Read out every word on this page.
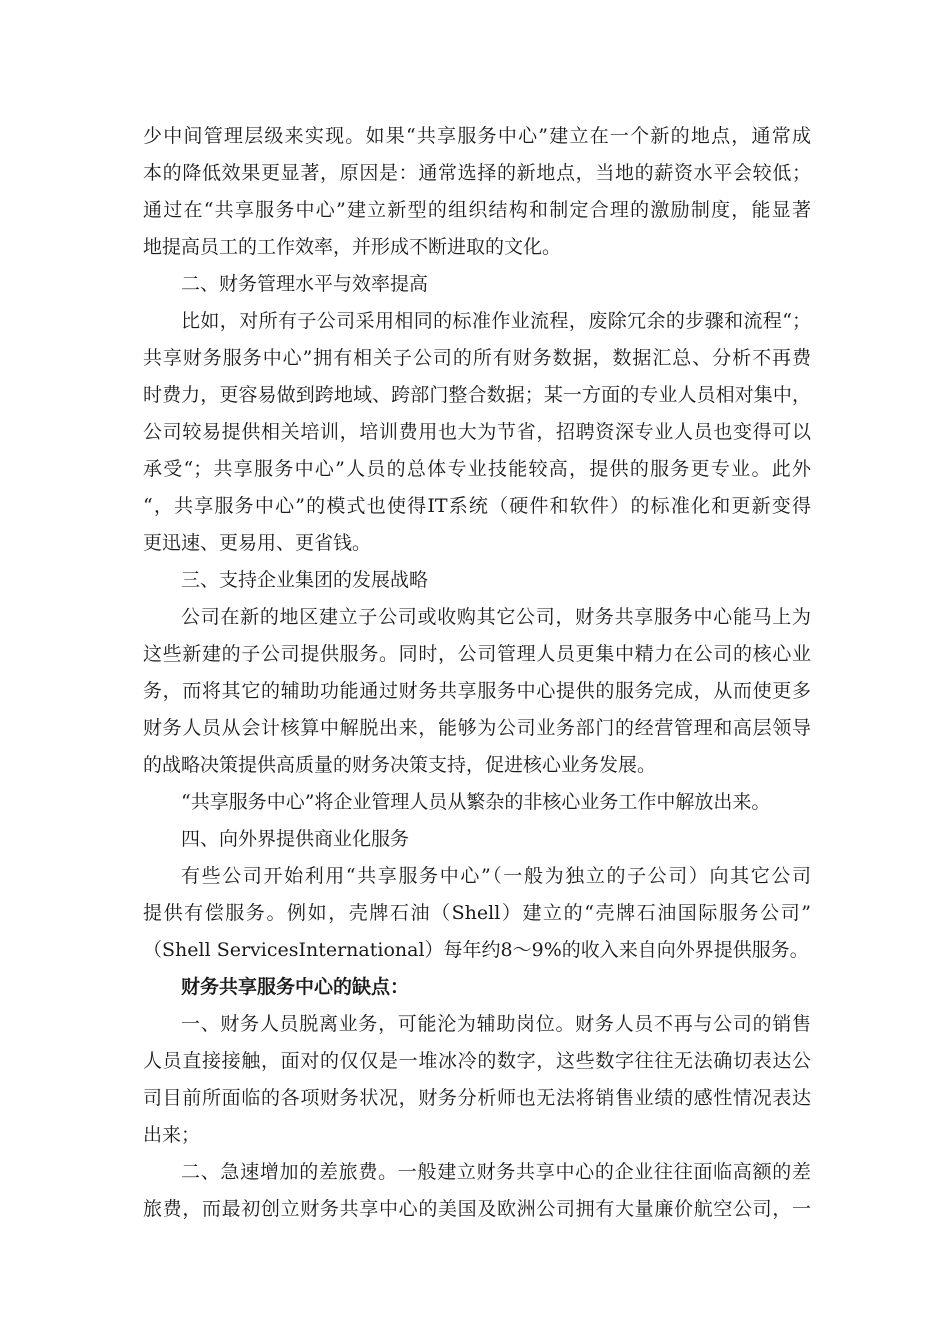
少中间管理层级来实现。如果“共享服务中心”建立在一个新的地点，通常成
本的降低效果更显著，原因是：通常选择的新地点，当地的薪资水平会较低；
通过在“共享服务中心”建立新型的组织结构和制定合理的激励制度，能显著
地提高员工的工作效率，并形成不断进取的文化。
二、财务管理水平与效率提高
比如，对所有子公司采用相同的标准作业流程，废除冗余的步骤和流程“；
共享财务服务中心”拥有相关子公司的所有财务数据，数据汇总、分析不再费
时费力，更容易做到跨地域、跨部门整合数据；某一方面的专业人员相对集中，
公司较易提供相关培训，培训费用也大为节省，招聘资深专业人员也变得可以
承受“；共享服务中心”人员的总体专业技能较高，提供的服务更专业。此外
“，共享服务中心”的模式也使得IT系统（硬件和软件）的标准化和更新变得
更迅速、更易用、更省钱。
三、支持企业集团的发展战略
公司在新的地区建立子公司或收购其它公司，财务共享服务中心能马上为
这些新建的子公司提供服务。同时，公司管理人员更集中精力在公司的核心业
务，而将其它的辅助功能通过财务共享服务中心提供的服务完成，从而使更多
财务人员从会计核算中解脱出来，能够为公司业务部门的经营管理和高层领导
的战略决策提供高质量的财务决策支持，促进核心业务发展。
“共享服务中心”将企业管理人员从繁杂的非核心业务工作中解放出来。
四、向外界提供商业化服务
有些公司开始利用“共享服务中心”（一般为独立的子公司）向其它公司
提供有偿服务。例如，壳牌石油（Shell）建立的“壳牌石油国际服务公司”
（Shell ServicesInternational）每年约8～9%的收入来自向外界提供服务。
财务共享服务中心的缺点：
一、财务人员脱离业务，可能沦为辅助岗位。财务人员不再与公司的销售
人员直接接触，面对的仅仅是一堆冰冷的数字，这些数字往往无法确切表达公
司目前所面临的各项财务状况，财务分析师也无法将销售业绩的感性情况表达
出来；
二、急速增加的差旅费。一般建立财务共享中心的企业往往面临高额的差
旅费，而最初创立财务共享中心的美国及欧洲公司拥有大量廉价航空公司，一
